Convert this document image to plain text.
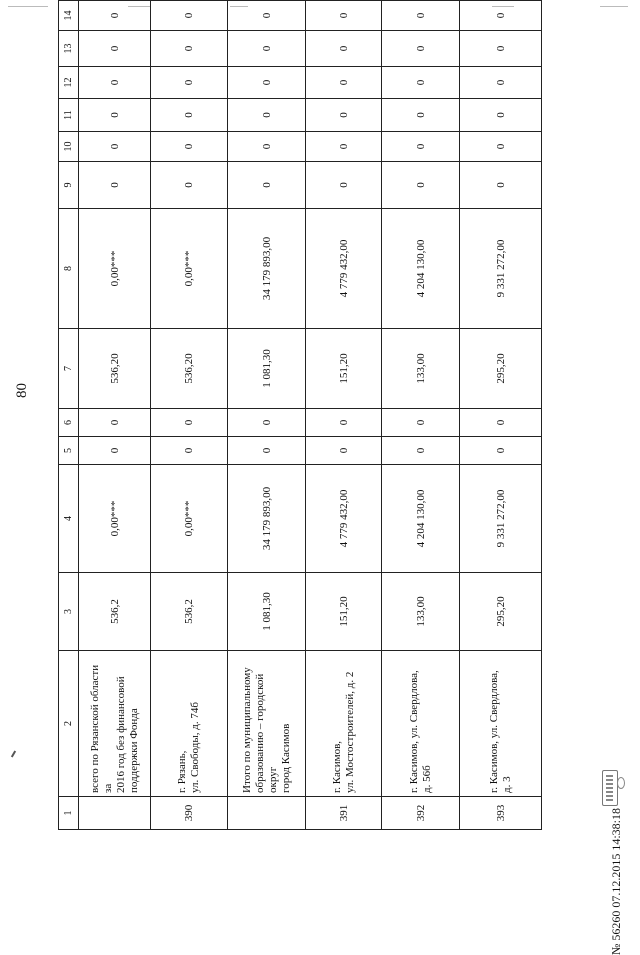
80
№ 56260 07.12.2015 14:38:18
1	2	3	4	5	6	7	8	9	10	11	12	13	14		

	всего по Рязанской области за 2016 год без финансовой поддержки Фонда	536,2	0,00***	0	0	536,20	0,00***	0	0	0	0	0	0		
390	г. Рязань, ул. Свободы, д. 74б	536,2	0,00***	0	0	536,20	0,00***	0	0	0	0	0	0		

	Итого по муниципальному образованию – городской округ город Касимов	1 081,30	34 179 893,00	0	0	1 081,30	34 179 893,00	0	0	0	0	0	0		
391	г. Касимов, ул. Мостостроителей, д. 2	151,20	4 779 432,00	0	0	151,20	4 779 432,00	0	0	0	0	0	0		
392	г. Касимов, ул. Свердлова, д. 56б	133,00	4 204 130,00	0	0	133,00	4 204 130,00	0	0	0	0	0	0		
393	г. Касимов, ул. Свердлова, д. 3	295,20	9 331 272,00	0	0	295,20	9 331 272,00	0	0	0	0	0	0		
